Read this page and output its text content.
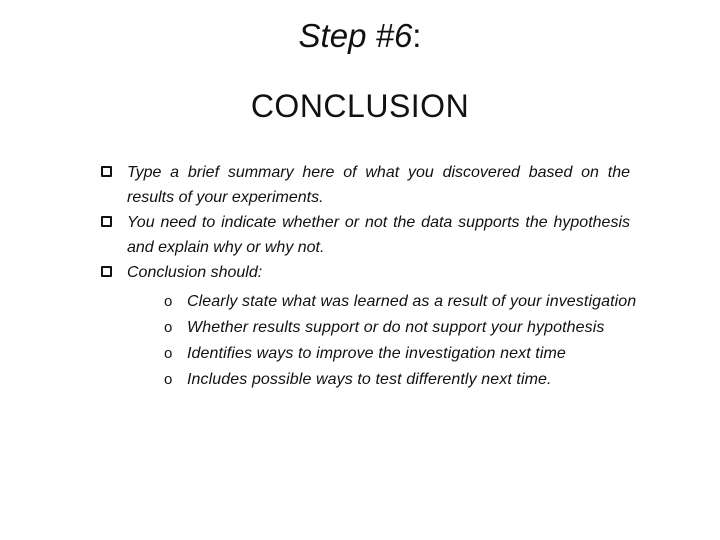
Step #6:
CONCLUSION
Type a brief summary here of what you discovered based on the results of your experiments.
You need to indicate whether or not the data supports the hypothesis and explain why or why not.
Conclusion should:
o Clearly state what was learned as a result of your investigation
o Whether results support or do not support your hypothesis
o Identifies ways to improve the investigation next time
o Includes possible ways to test differently next time.
